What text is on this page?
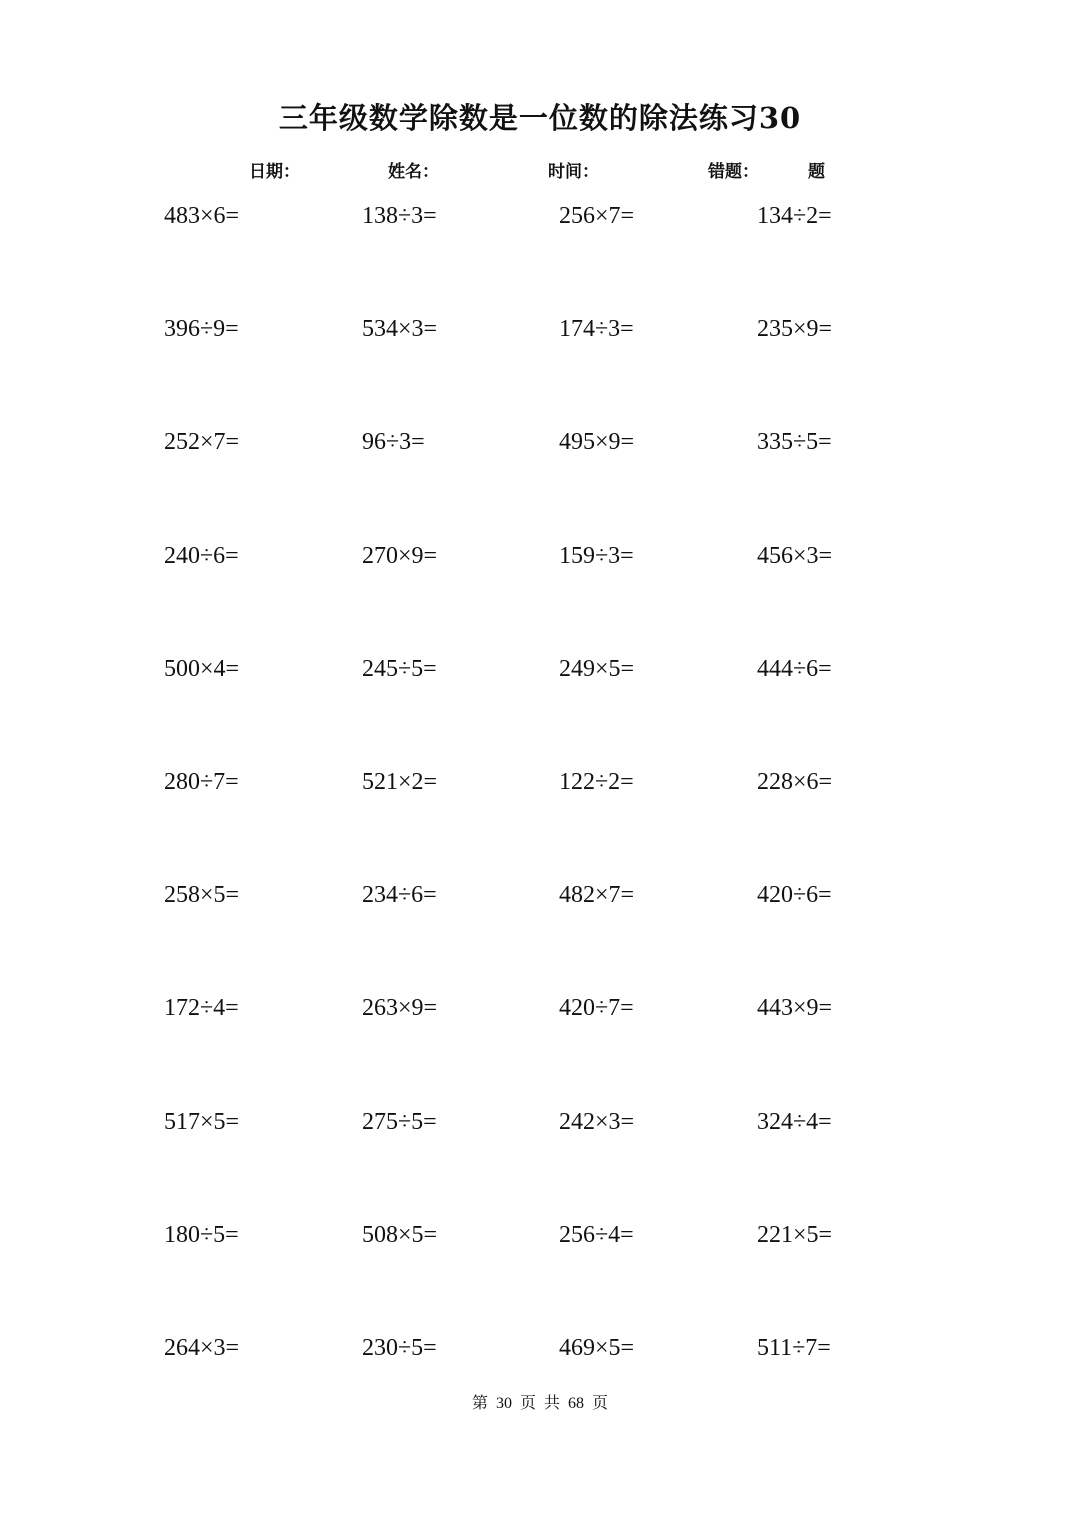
三年级数学除数是一位数的除法练习30
日期：	姓名：	时间：	错题：	题
483×6=	138÷3=	256×7=	134÷2=
396÷9=	534×3=	174÷3=	235×9=
252×7=	96÷3=	495×9=	335÷5=
240÷6=	270×9=	159÷3=	456×3=
500×4=	245÷5=	249×5=	444÷6=
280÷7=	521×2=	122÷2=	228×6=
258×5=	234÷6=	482×7=	420÷6=
172÷4=	263×9=	420÷7=	443×9=
517×5=	275÷5=	242×3=	324÷4=
180÷5=	508×5=	256÷4=	221×5=
264×3=	230÷5=	469×5=	511÷7=
第 30 页 共 68 页
